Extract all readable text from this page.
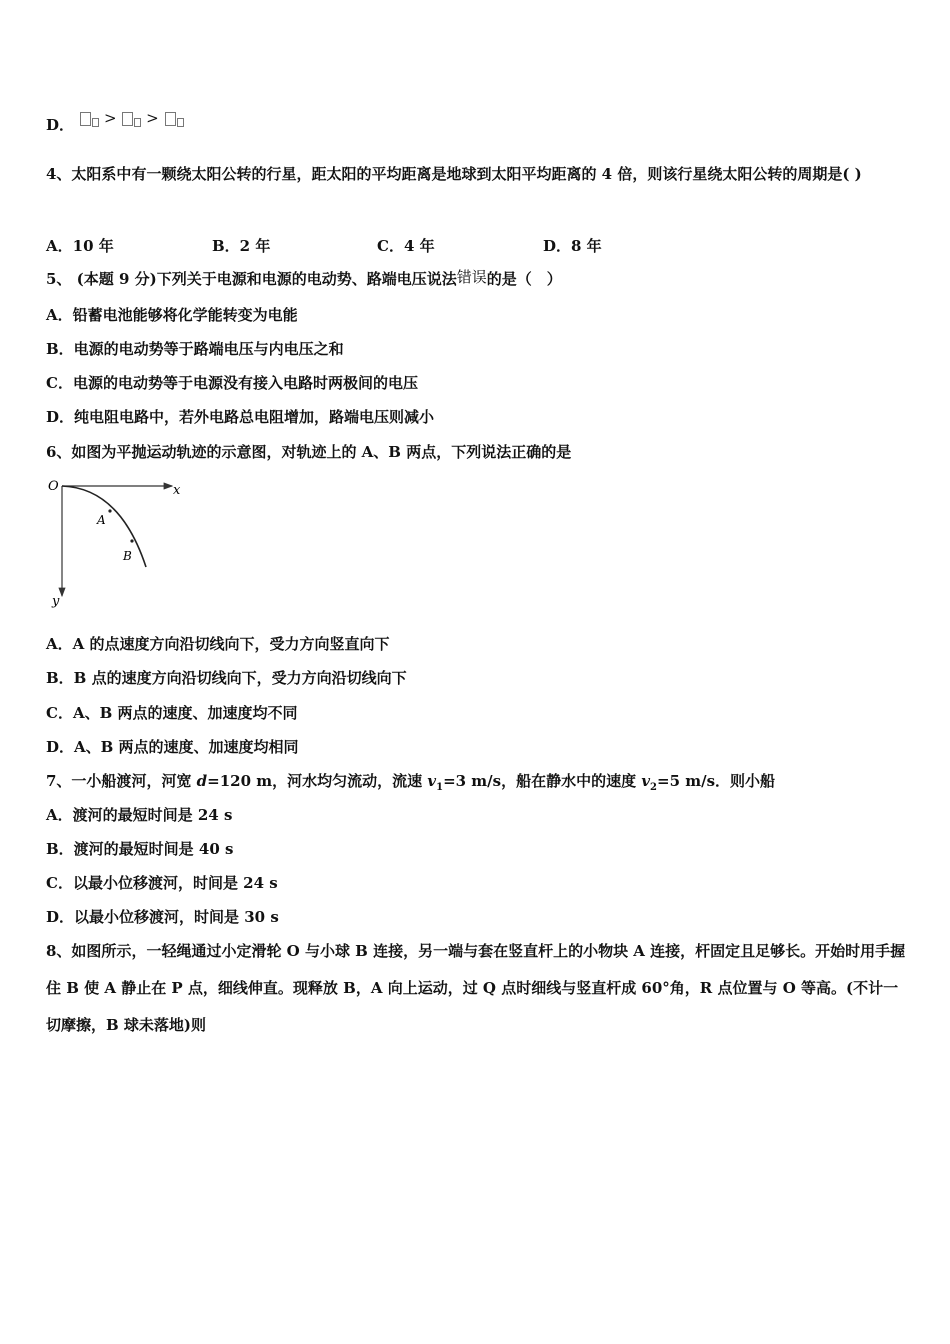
D． > >
4、太阳系中有一颗绕太阳公转的行星，距太阳的平均距离是地球到太阳平均距离的 4 倍，则该行星绕太阳公转的周期是( )
A．10 年	B．2 年	C．4 年	D．8 年
5、 (本题 9 分)下列关于电源和电源的电动势、路端电压说法错误的是（　）
A．铅蓄电池能够将化学能转变为电能
B．电源的电动势等于路端电压与内电压之和
C．电源的电动势等于电源没有接入电路时两极间的电压
D．纯电阻电路中，若外电路总电阻增加，路端电压则减小
6、如图为平抛运动轨迹的示意图，对轨迹上的 A、B 两点，下列说法正确的是
O	x
y
A
B
A．A 的点速度方向沿切线向下，受力方向竖直向下
B．B 点的速度方向沿切线向下，受力方向沿切线向下
C．A、B 两点的速度、加速度均不同
D．A、B 两点的速度、加速度均相同
7、一小船渡河，河宽 d=120 m，河水均匀流动，流速 $v_1=3$ m/s，船在静水中的速度 $v_2=5$ m/s．则小船
A．渡河的最短时间是 24 s
B．渡河的最短时间是 40 s
C．以最小位移渡河，时间是 24 s
D．以最小位移渡河，时间是 30 s
8、如图所示，一轻绳通过小定滑轮 O 与小球 B 连接，另一端与套在竖直杆上的小物块 A 连接，杆固定且足够长。开始时用手握住 B 使 A 静止在 P 点，细线伸直。现释放 B，A 向上运动，过 Q 点时细线与竖直杆成 60°角，R 点位置与 O 等高。(不计一切摩擦，B 球未落地)则
